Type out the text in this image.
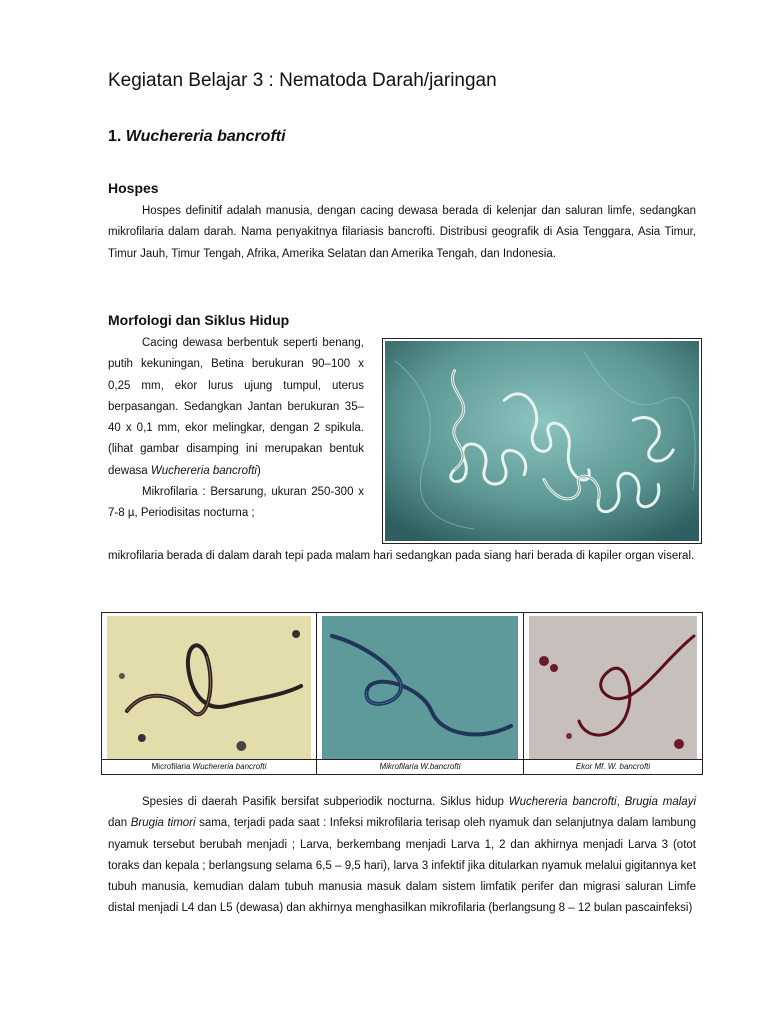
Kegiatan Belajar 3 : Nematoda Darah/jaringan
1. Wuchereria bancrofti
Hospes
Hospes definitif adalah manusia, dengan cacing dewasa berada di kelenjar dan saluran limfe, sedangkan mikrofilaria dalam darah. Nama penyakitnya filariasis bancrofti. Distribusi geografik di Asia Tenggara, Asia Timur, Timur Jauh, Timur Tengah, Afrika, Amerika Selatan dan Amerika Tengah, dan Indonesia.
Morfologi dan Siklus Hidup

Cacing dewasa berbentuk seperti benang, putih kekuningan, Betina berukuran 90–100 x 0,25 mm, ekor lurus ujung tumpul, uterus berpasangan. Sedangkan Jantan berukuran 35–40 x 0,1 mm, ekor melingkar, dengan 2 spikula. (lihat gambar disamping ini merupakan bentuk dewasa Wuchereria bancrofti)

Mikrofilaria : Bersarung, ukuran 250-300 x 7-8 µ, Periodisitas nocturna ;

mikrofilaria berada di dalam darah tepi pada malam hari sedangkan pada siang hari berada di kapiler organ viseral.
Microfilaria Wuchereria bancrofti	Mikrofilaria W.bancrofti	Ekor Mf. W. bancrofti
Spesies di daerah Pasifik bersifat subperiodik nocturna. Siklus hidup Wuchereria bancrofti, Brugia malayi dan Brugia timori sama, terjadi pada saat : Infeksi mikrofilaria terisap oleh nyamuk dan selanjutnya dalam lambung nyamuk tersebut berubah menjadi ; Larva, berkembang menjadi Larva 1, 2 dan akhirnya menjadi Larva 3 (otot toraks dan kepala ; berlangsung selama 6,5 – 9,5 hari), larva 3 infektif jika ditularkan nyamuk melalui gigitannya ket tubuh manusia, kemudian dalam tubuh manusia masuk dalam sistem limfatik perifer dan migrasi saluran Limfe distal menjadi L4 dan L5 (dewasa) dan akhirnya menghasilkan mikrofilaria (berlangsung 8 – 12 bulan pascainfeksi)
